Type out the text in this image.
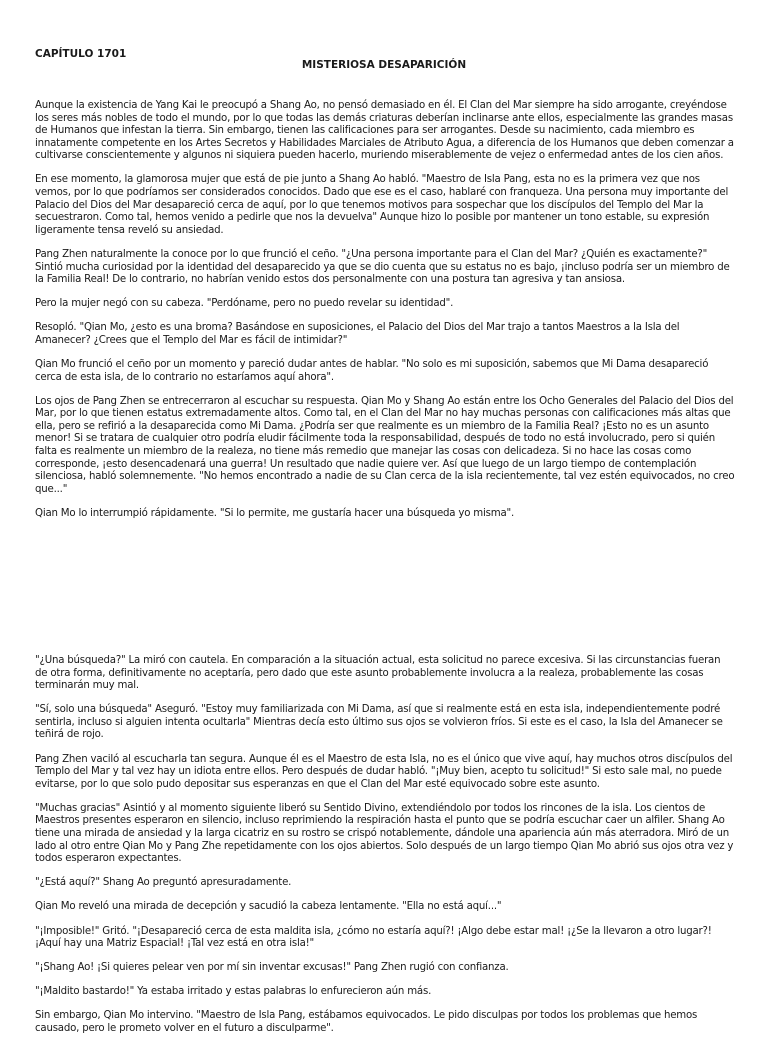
CAPÍTULO 1701
MISTERIOSA DESAPARICIÓN

Aunque la existencia de Yang Kai le preocupó a Shang Ao, no pensó demasiado en él. El Clan del Mar siempre ha sido arrogante, creyéndose los seres más nobles de todo el mundo, por lo que todas las demás criaturas deberían inclinarse ante ellos, especialmente las grandes masas de Humanos que infestan la tierra. Sin embargo, tienen las calificaciones para ser arrogantes. Desde su nacimiento, cada miembro es innatamente competente en los Artes Secretos y Habilidades Marciales de Atributo Agua, a diferencia de los Humanos que deben comenzar a cultivarse conscientemente y algunos ni siquiera pueden hacerlo, muriendo miserablemente de vejez o enfermedad antes de los cien años.

En ese momento, la glamorosa mujer que está de pie junto a Shang Ao habló. "Maestro de Isla Pang, esta no es la primera vez que nos vemos, por lo que podríamos ser considerados conocidos. Dado que ese es el caso, hablaré con franqueza. Una persona muy importante del Palacio del Dios del Mar desapareció cerca de aquí, por lo que tenemos motivos para sospechar que los discípulos del Templo del Mar la secuestraron. Como tal, hemos venido a pedirle que nos la devuelva" Aunque hizo lo posible por mantener un tono estable, su expresión ligeramente tensa reveló su ansiedad.

Pang Zhen naturalmente la conoce por lo que frunció el ceño. "¿Una persona importante para el Clan del Mar? ¿Quién es exactamente?" Sintió mucha curiosidad por la identidad del desaparecido ya que se dio cuenta que su estatus no es bajo, ¡incluso podría ser un miembro de la Familia Real! De lo contrario, no habrían venido estos dos personalmente con una postura tan agresiva y tan ansiosa.

Pero la mujer negó con su cabeza. "Perdóname, pero no puedo revelar su identidad".

Resopló. "Qian Mo, ¿esto es una broma? Basándose en suposiciones, el Palacio del Dios del Mar trajo a tantos Maestros a la Isla del Amanecer? ¿Crees que el Templo del Mar es fácil de intimidar?"

Qian Mo frunció el ceño por un momento y pareció dudar antes de hablar. "No solo es mi suposición, sabemos que Mi Dama desapareció cerca de esta isla, de lo contrario no estaríamos aquí ahora".

Los ojos de Pang Zhen se entrecerraron al escuchar su respuesta. Qian Mo y Shang Ao están entre los Ocho Generales del Palacio del Dios del Mar, por lo que tienen estatus extremadamente altos. Como tal, en el Clan del Mar no hay muchas personas con calificaciones más altas que ella, pero se refirió a la desaparecida como Mi Dama. ¿Podría ser que realmente es un miembro de la Familia Real? ¡Esto no es un asunto menor! Si se tratara de cualquier otro podría eludir fácilmente toda la responsabilidad, después de todo no está involucrado, pero si quién falta es realmente un miembro de la realeza, no tiene más remedio que manejar las cosas con delicadeza. Si no hace las cosas como corresponde, ¡esto desencadenará una guerra! Un resultado que nadie quiere ver. Así que luego de un largo tiempo de contemplación silenciosa, habló solemnemente. "No hemos encontrado a nadie de su Clan cerca de la isla recientemente, tal vez estén equivocados, no creo que..."

Qian Mo lo interrumpió rápidamente. "Si lo permite, me gustaría hacer una búsqueda yo misma".

"¿Una búsqueda?" La miró con cautela. En comparación a la situación actual, esta solicitud no parece excesiva. Si las circunstancias fueran de otra forma, definitivamente no aceptaría, pero dado que este asunto probablemente involucra a la realeza, probablemente las cosas terminarán muy mal.

"Sí, solo una búsqueda" Aseguró. "Estoy muy familiarizada con Mi Dama, así que si realmente está en esta isla, independientemente podré sentirla, incluso si alguien intenta ocultarla" Mientras decía esto último sus ojos se volvieron fríos. Si este es el caso, la Isla del Amanecer se teñirá de rojo.

Pang Zhen vaciló al escucharla tan segura. Aunque él es el Maestro de esta Isla, no es el único que vive aquí, hay muchos otros discípulos del Templo del Mar y tal vez hay un idiota entre ellos. Pero después de dudar habló. "¡Muy bien, acepto tu solicitud!" Si esto sale mal, no puede evitarse, por lo que solo pudo depositar sus esperanzas en que el Clan del Mar esté equivocado sobre este asunto.

"Muchas gracias" Asintió y al momento siguiente liberó su Sentido Divino, extendiéndolo por todos los rincones de la isla. Los cientos de Maestros presentes esperaron en silencio, incluso reprimiendo la respiración hasta el punto que se podría escuchar caer un alfiler. Shang Ao tiene una mirada de ansiedad y la larga cicatriz en su rostro se crispó notablemente, dándole una apariencia aún más aterradora. Miró de un lado al otro entre Qian Mo y Pang Zhe repetidamente con los ojos abiertos. Solo después de un largo tiempo Qian Mo abrió sus ojos otra vez y todos esperaron expectantes.

"¿Está aquí?" Shang Ao preguntó apresuradamente.

Qian Mo reveló una mirada de decepción y sacudió la cabeza lentamente. "Ella no está aquí..."

"¡Imposible!" Gritó. "¡Desapareció cerca de esta maldita isla, ¿cómo no estaría aquí?! ¡Algo debe estar mal! ¡¿Se la llevaron a otro lugar?! ¡Aquí hay una Matriz Espacial! ¡Tal vez está en otra isla!"

"¡Shang Ao! ¡Si quieres pelear ven por mí sin inventar excusas!" Pang Zhen rugió con confianza.

"¡Maldito bastardo!" Ya estaba irritado y estas palabras lo enfurecieron aún más.

Sin embargo, Qian Mo intervino. "Maestro de Isla Pang, estábamos equivocados. Le pido disculpas por todos los problemas que hemos causado, pero le prometo volver en el futuro a disculparme".
